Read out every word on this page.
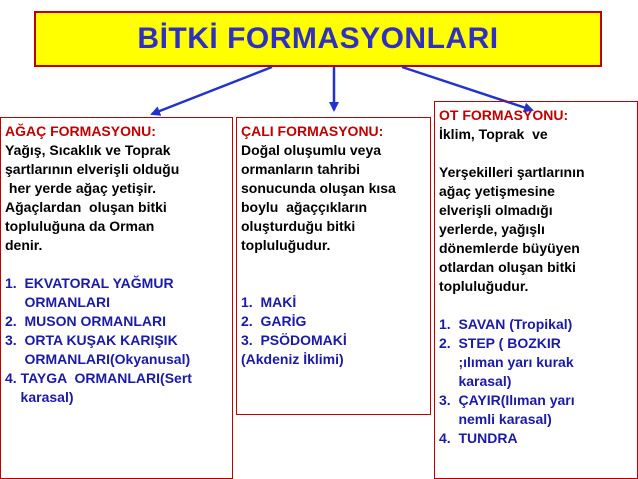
BİTKİ FORMASYONLARI
AĞAÇ FORMASYONU:
Yağış, Sıcaklık ve Toprak
şartlarının elverişli olduğu
her yerde ağaç yetişir.
Ağaçlardan  oluşan bitki
topluluğuna da Orman
denir.
1.  EKVATORAL YAĞMUR
ORMANLARI
2.  MUSON ORMANLARI
3.  ORTA KUŞAK KARIŞIK
ORMANLARI(Okyanusal)
4. TAYGA  ORMANLARI(Sert
karasal)
ÇALI FORMASYONU:
Doğal oluşumlu veya
ormanların tahribi
sonucunda oluşan kısa
boylu  ağaççıkların
oluşturduğu bitki
topluluğudur.
1.  MAKİ
2.  GARİG
3.  PSÖDOMAKİ
(Akdeniz İklimi)
OT FORMASYONU:
İklim, Toprak  ve
Yerşekilleri şartlarının
ağaç yetişmesine
elverişli olmadığı
yerlerde, yağışlı
dönemlerde büyüyen
otlardan oluşan bitki
topluluğudur.
1.  SAVAN (Tropikal)
2.  STEP ( BOZKIR
;ılıman yarı kurak
karasal)
3.  ÇAYIR(Ilıman yarı
nemli karasal)
4.  TUNDRA
